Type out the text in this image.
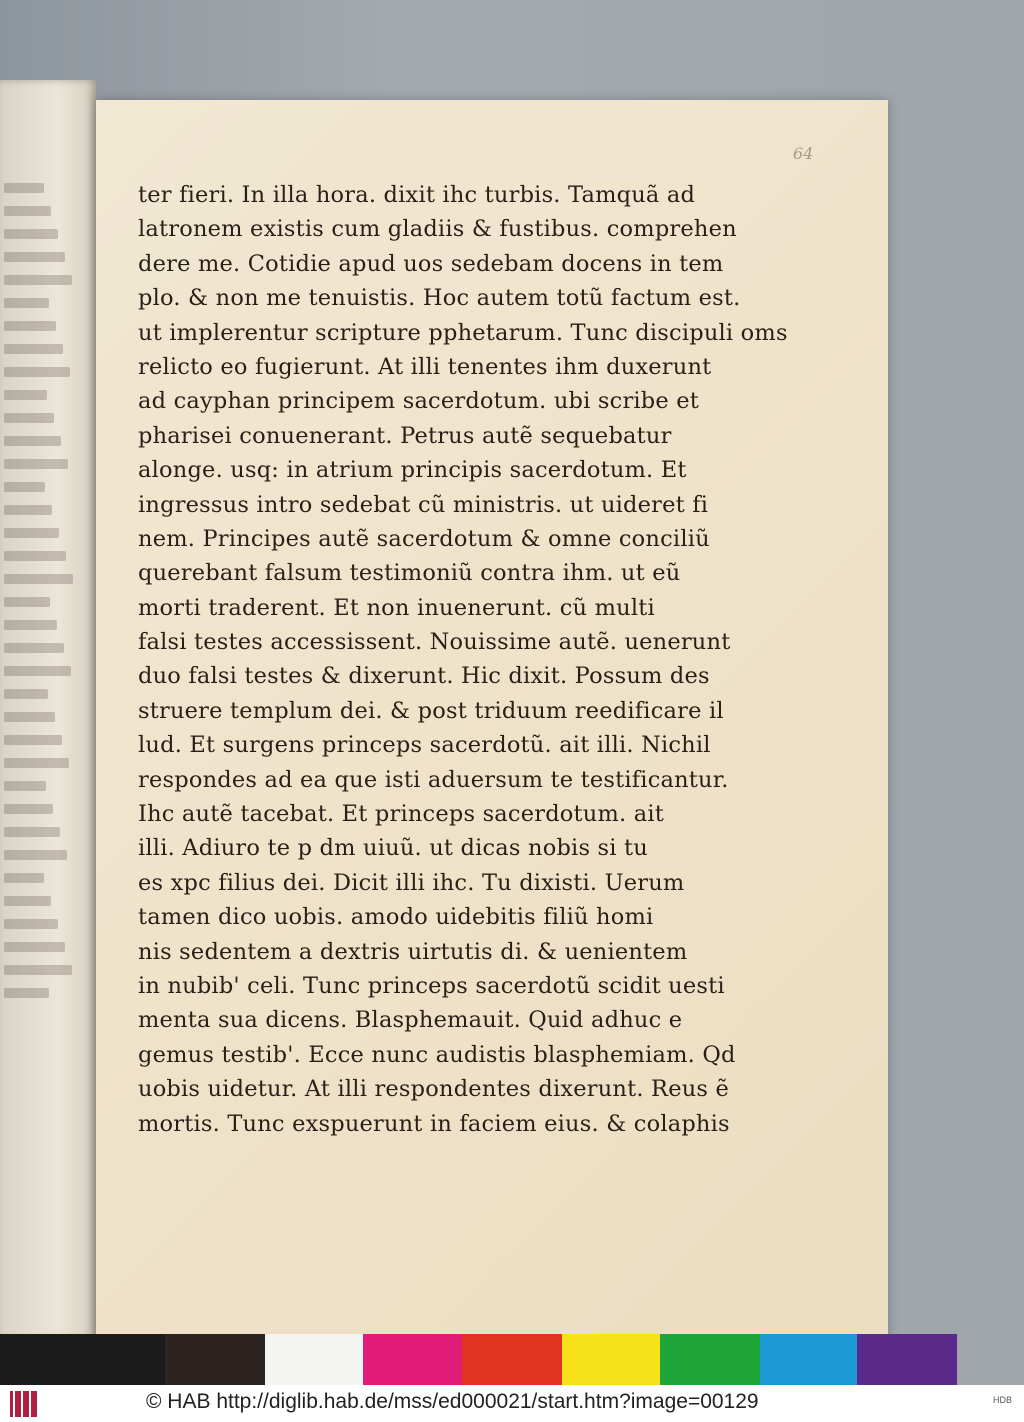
64
ter fieri. In illa hora. dixit ihc turbis. Tamquã ad
latronem existis cum gladiis & fustibus. comprehen
dere me. Cotidie apud uos sedebam docens in tem
plo. & non me tenuistis. Hoc autem totũ factum est.
ut implerentur scripture pphetarum. Tunc discipuli oms
relicto eo fugierunt. At illi tenentes ihm duxerunt
ad cayphan principem sacerdotum. ubi scribe et
pharisei conuenerant. Petrus autẽ sequebatur
alonge. usq: in atrium principis sacerdotum. Et
ingressus intro sedebat cũ ministris. ut uideret fi
nem. Principes autẽ sacerdotum & omne conciliũ
querebant falsum testimoniũ contra ihm. ut eũ
morti traderent. Et non inuenerunt. cũ multi
falsi testes accessissent. Nouissime autẽ. uenerunt
duo falsi testes & dixerunt. Hic dixit. Possum des
struere templum dei. & post triduum reedificare il
lud. Et surgens princeps sacerdotũ. ait illi. Nichil
respondes ad ea que isti aduersum te testificantur.
Ihc autẽ tacebat. Et princeps sacerdotum. ait
illi. Adiuro te p dm uiuũ. ut dicas nobis si tu
es xpc filius dei. Dicit illi ihc. Tu dixisti. Uerum
tamen dico uobis. amodo uidebitis filiũ homi
nis sedentem a dextris uirtutis di. & uenientem
in nubib' celi. Tunc princeps sacerdotũ scidit uesti
menta sua dicens. Blasphemauit. Quid adhuc e
gemus testib'. Ecce nunc audistis blasphemiam. Qd
uobis uidetur. At illi respondentes dixerunt. Reus ẽ
mortis. Tunc exspuerunt in faciem eius. & colaphis
© HAB http://diglib.hab.de/mss/ed000021/start.htm?image=00129	HDB
